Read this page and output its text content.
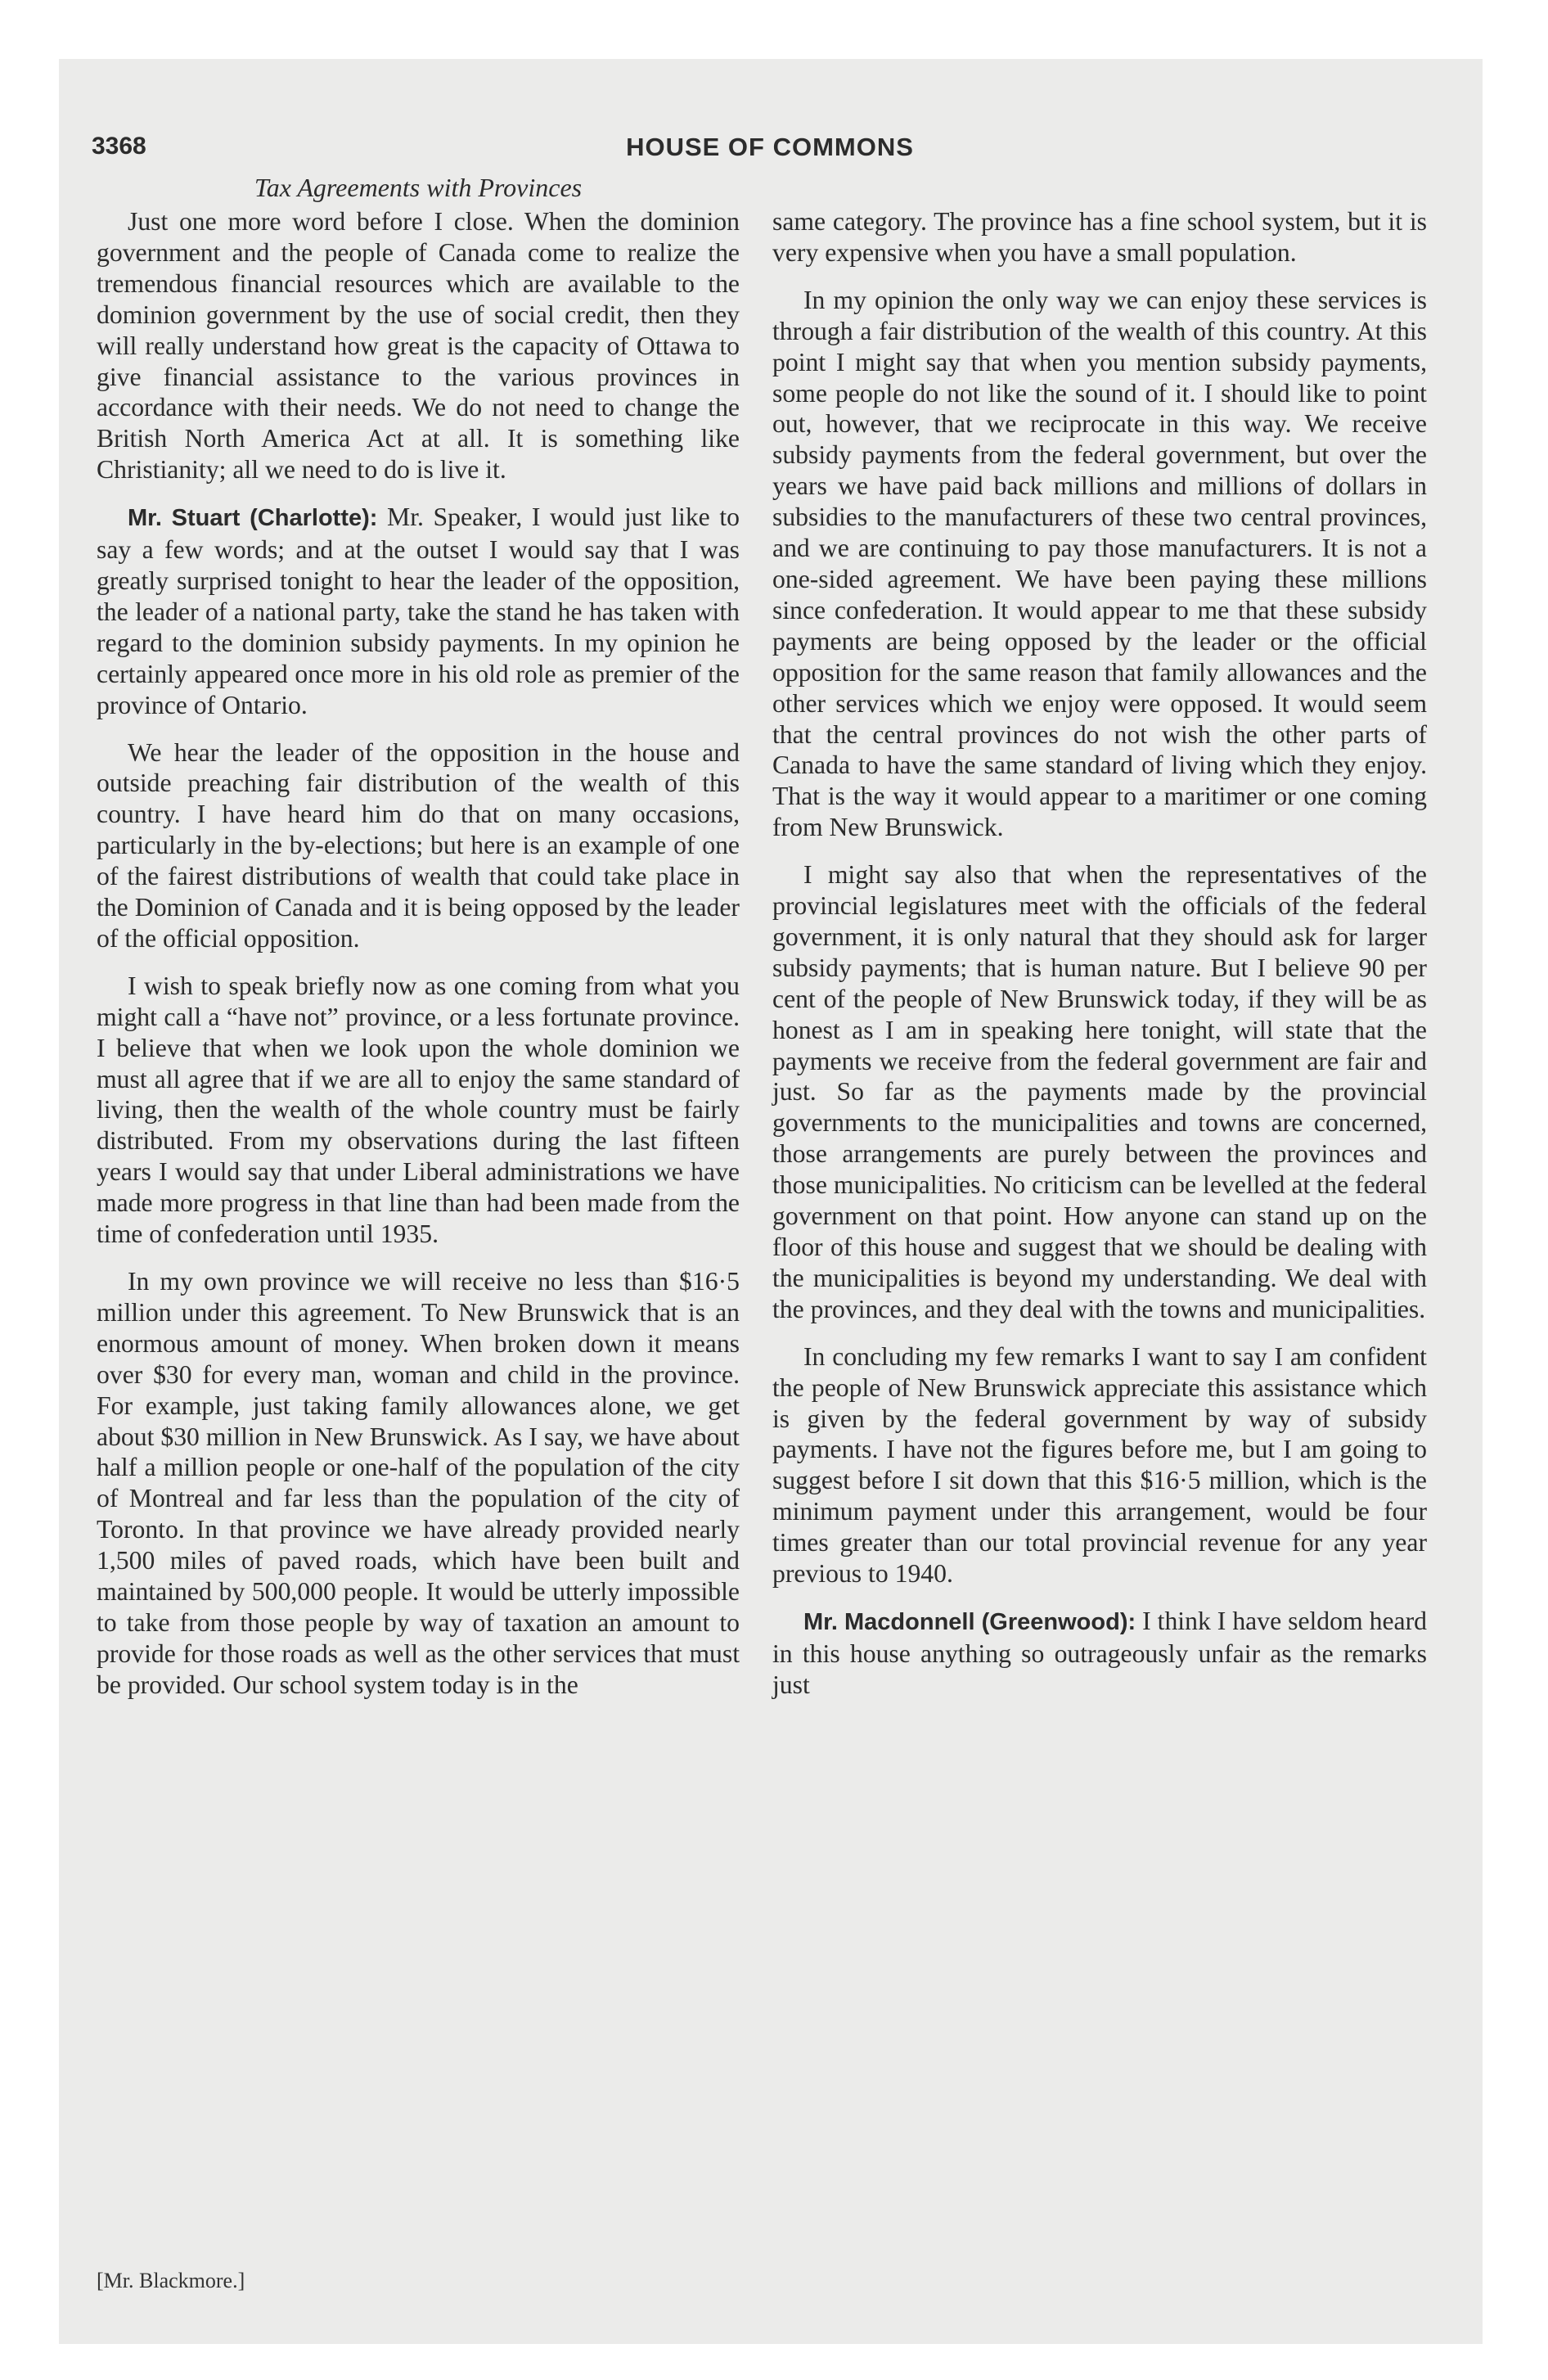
3368	HOUSE OF COMMONS
Tax Agreements with Provinces

Just one more word before I close. When the dominion government and the people of Canada come to realize the tremendous financial resources which are available to the dominion government by the use of social credit, then they will really understand how great is the capacity of Ottawa to give financial assistance to the various provinces in accordance with their needs. We do not need to change the British North America Act at all. It is something like Christianity; all we need to do is live it.

Mr. Stuart (Charlotte): Mr. Speaker, I would just like to say a few words; and at the outset I would say that I was greatly surprised tonight to hear the leader of the opposition, the leader of a national party, take the stand he has taken with regard to the dominion subsidy payments. In my opinion he certainly appeared once more in his old role as premier of the province of Ontario.

We hear the leader of the opposition in the house and outside preaching fair distribution of the wealth of this country. I have heard him do that on many occasions, particularly in the by-elections; but here is an example of one of the fairest distributions of wealth that could take place in the Dominion of Canada and it is being opposed by the leader of the official opposition.

I wish to speak briefly now as one coming from what you might call a “have not” province, or a less fortunate province. I believe that when we look upon the whole dominion we must all agree that if we are all to enjoy the same standard of living, then the wealth of the whole country must be fairly distributed. From my observations during the last fifteen years I would say that under Liberal administrations we have made more progress in that line than had been made from the time of confederation until 1935.

In my own province we will receive no less than $16·5 million under this agreement. To New Brunswick that is an enormous amount of money. When broken down it means over $30 for every man, woman and child in the province. For example, just taking family allowances alone, we get about $30 million in New Brunswick. As I say, we have about half a million people or one-half of the population of the city of Montreal and far less than the population of the city of Toronto. In that province we have already provided nearly 1,500 miles of paved roads, which have been built and maintained by 500,000 people. It would be utterly impossible to take from those people by way of taxation an amount to provide for those roads as well as the other services that must be provided. Our school system today is in the

same category. The province has a fine school system, but it is very expensive when you have a small population.

In my opinion the only way we can enjoy these services is through a fair distribution of the wealth of this country. At this point I might say that when you mention subsidy payments, some people do not like the sound of it. I should like to point out, however, that we reciprocate in this way. We receive subsidy payments from the federal government, but over the years we have paid back millions and millions of dollars in subsidies to the manufacturers of these two central provinces, and we are continuing to pay those manufacturers. It is not a one-sided agreement. We have been paying these millions since confederation. It would appear to me that these subsidy payments are being opposed by the leader or the official opposition for the same reason that family allowances and the other services which we enjoy were opposed. It would seem that the central provinces do not wish the other parts of Canada to have the same standard of living which they enjoy. That is the way it would appear to a maritimer or one coming from New Brunswick.

I might say also that when the representatives of the provincial legislatures meet with the officials of the federal government, it is only natural that they should ask for larger subsidy payments; that is human nature. But I believe 90 per cent of the people of New Brunswick today, if they will be as honest as I am in speaking here tonight, will state that the payments we receive from the federal government are fair and just. So far as the payments made by the provincial governments to the municipalities and towns are concerned, those arrangements are purely between the provinces and those municipalities. No criticism can be levelled at the federal government on that point. How anyone can stand up on the floor of this house and suggest that we should be dealing with the municipalities is beyond my understanding. We deal with the provinces, and they deal with the towns and municipalities.

In concluding my few remarks I want to say I am confident the people of New Brunswick appreciate this assistance which is given by the federal government by way of subsidy payments. I have not the figures before me, but I am going to suggest before I sit down that this $16·5 million, which is the minimum payment under this arrangement, would be four times greater than our total provincial revenue for any year previous to 1940.

Mr. Macdonnell (Greenwood): I think I have seldom heard in this house anything so outrageously unfair as the remarks just

[Mr. Blackmore.]
